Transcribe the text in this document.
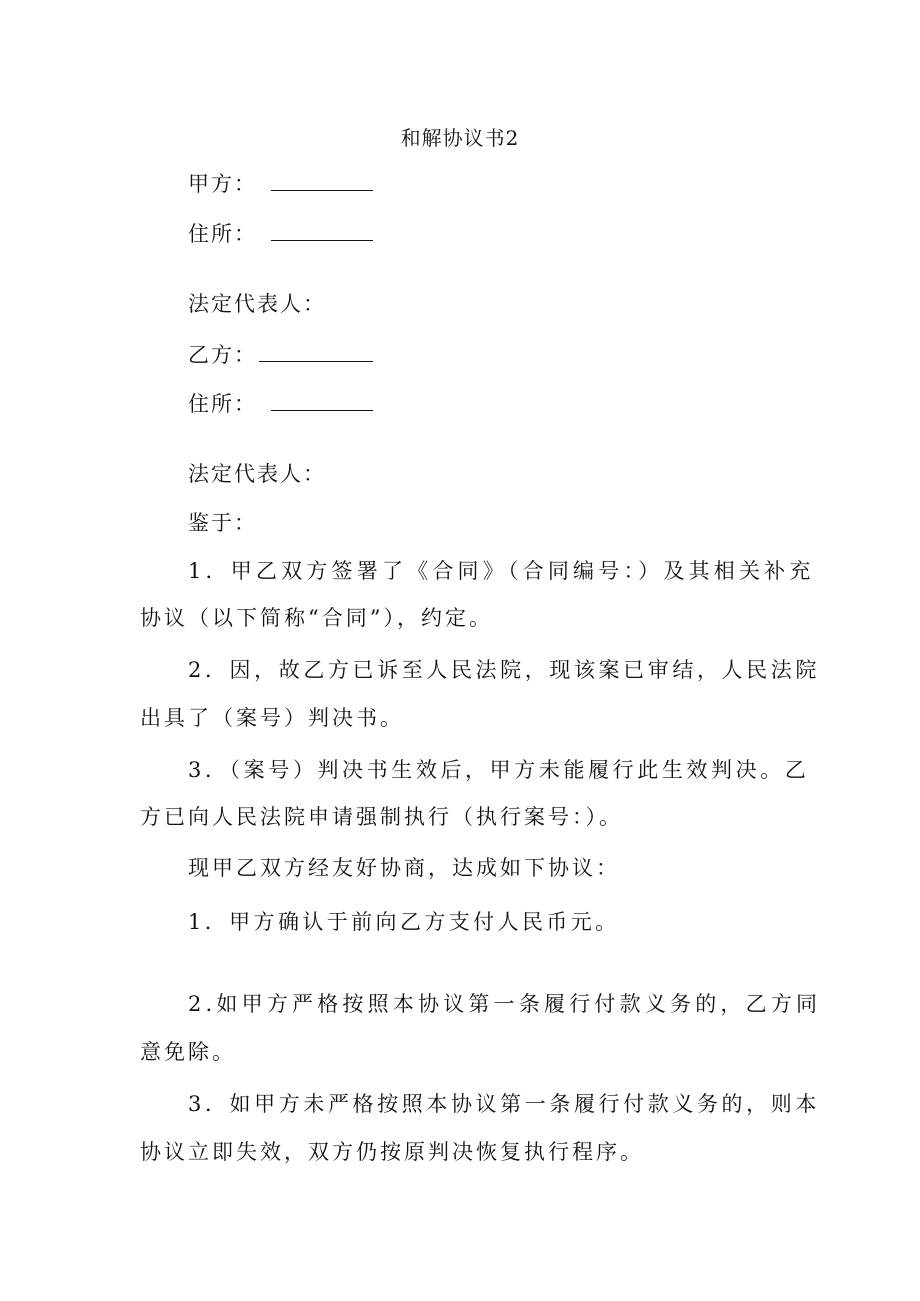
和解协议书2
甲方：
住所：
法定代表人：
乙方：
住所：
法定代表人：
鉴于：
1．甲乙双方签署了《合同》（合同编号：）及其相关补充
协议（以下简称“合同”），约定。
2．因，故乙方已诉至人民法院，现该案已审结，人民法院
出具了（案号）判决书。
3．（案号）判决书生效后，甲方未能履行此生效判决。乙
方已向人民法院申请强制执行（执行案号：）。
现甲乙双方经友好协商，达成如下协议：
1．甲方确认于前向乙方支付人民币元。
2.如甲方严格按照本协议第一条履行付款义务的，乙方同
意免除。
3．如甲方未严格按照本协议第一条履行付款义务的，则本
协议立即失效，双方仍按原判决恢复执行程序。
